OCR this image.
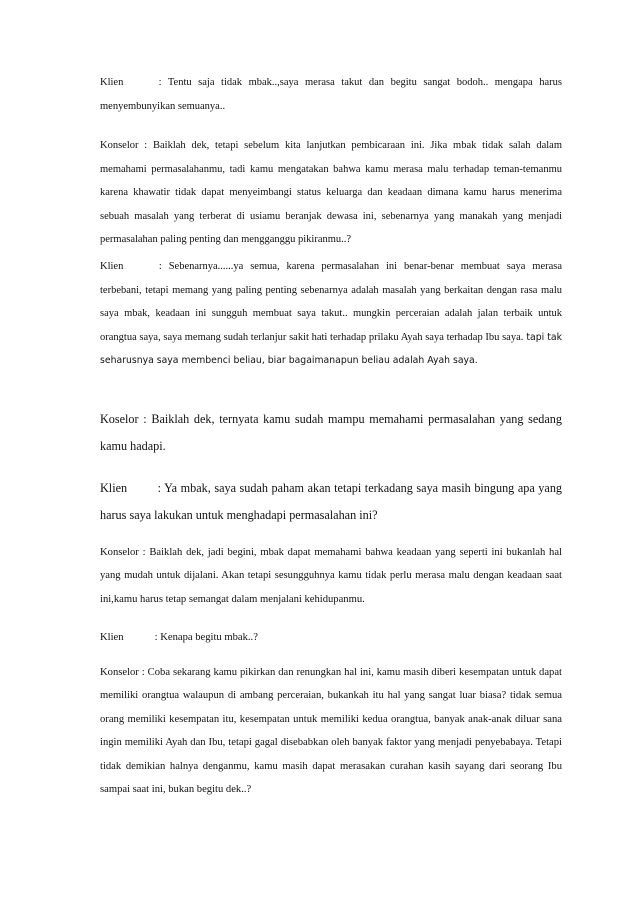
Klien	: Tentu saja tidak mbak..,saya merasa takut dan begitu sangat bodoh.. mengapa harus menyembunyikan semuanya..

Konselor : Baiklah dek, tetapi sebelum kita lanjutkan pembicaraan ini. Jika mbak tidak salah dalam memahami permasalahanmu, tadi kamu mengatakan bahwa kamu merasa malu terhadap teman-temanmu karena khawatir tidak dapat menyeimbangi status keluarga dan keadaan dimana kamu harus menerima sebuah masalah yang terberat di usiamu beranjak dewasa ini, sebenarnya yang manakah yang menjadi permasalahan paling penting dan mengganggu pikiranmu..?

Klien	: Sebenarnya......ya semua, karena permasalahan ini benar-benar membuat saya merasa terbebani, tetapi memang yang paling penting sebenarnya adalah masalah yang berkaitan dengan rasa malu saya mbak, keadaan ini sungguh membuat saya takut.. mungkin perceraian adalah jalan terbaik untuk orangtua saya, saya memang sudah terlanjur sakit hati terhadap prilaku Ayah saya terhadap Ibu saya. tapi tak seharusnya saya membenci beliau, biar bagaimanapun beliau adalah Ayah saya.

Koselor : Baiklah dek, ternyata kamu sudah mampu memahami permasalahan yang sedang kamu hadapi.

Klien	: Ya mbak, saya sudah paham akan tetapi terkadang saya masih bingung apa yang harus saya lakukan untuk menghadapi permasalahan ini?

Konselor : Baiklah dek, jadi begini, mbak dapat memahami bahwa keadaan yang seperti ini bukanlah hal yang mudah untuk dijalani. Akan tetapi sesungguhnya kamu tidak perlu merasa malu dengan keadaan saat ini,kamu harus tetap semangat dalam menjalani kehidupanmu.

Klien	: Kenapa begitu mbak..?

Konselor : Coba sekarang kamu pikirkan dan renungkan hal ini, kamu masih diberi kesempatan untuk dapat memiliki orangtua walaupun di ambang perceraian, bukankah itu hal yang sangat luar biasa? tidak semua orang memiliki kesempatan itu, kesempatan untuk memiliki kedua orangtua, banyak anak-anak diluar sana ingin memiliki Ayah dan Ibu, tetapi gagal disebabkan oleh banyak faktor yang menjadi penyebabaya. Tetapi tidak demikian halnya denganmu, kamu masih dapat merasakan curahan kasih sayang dari seorang Ibu sampai saat ini, bukan begitu dek..?
